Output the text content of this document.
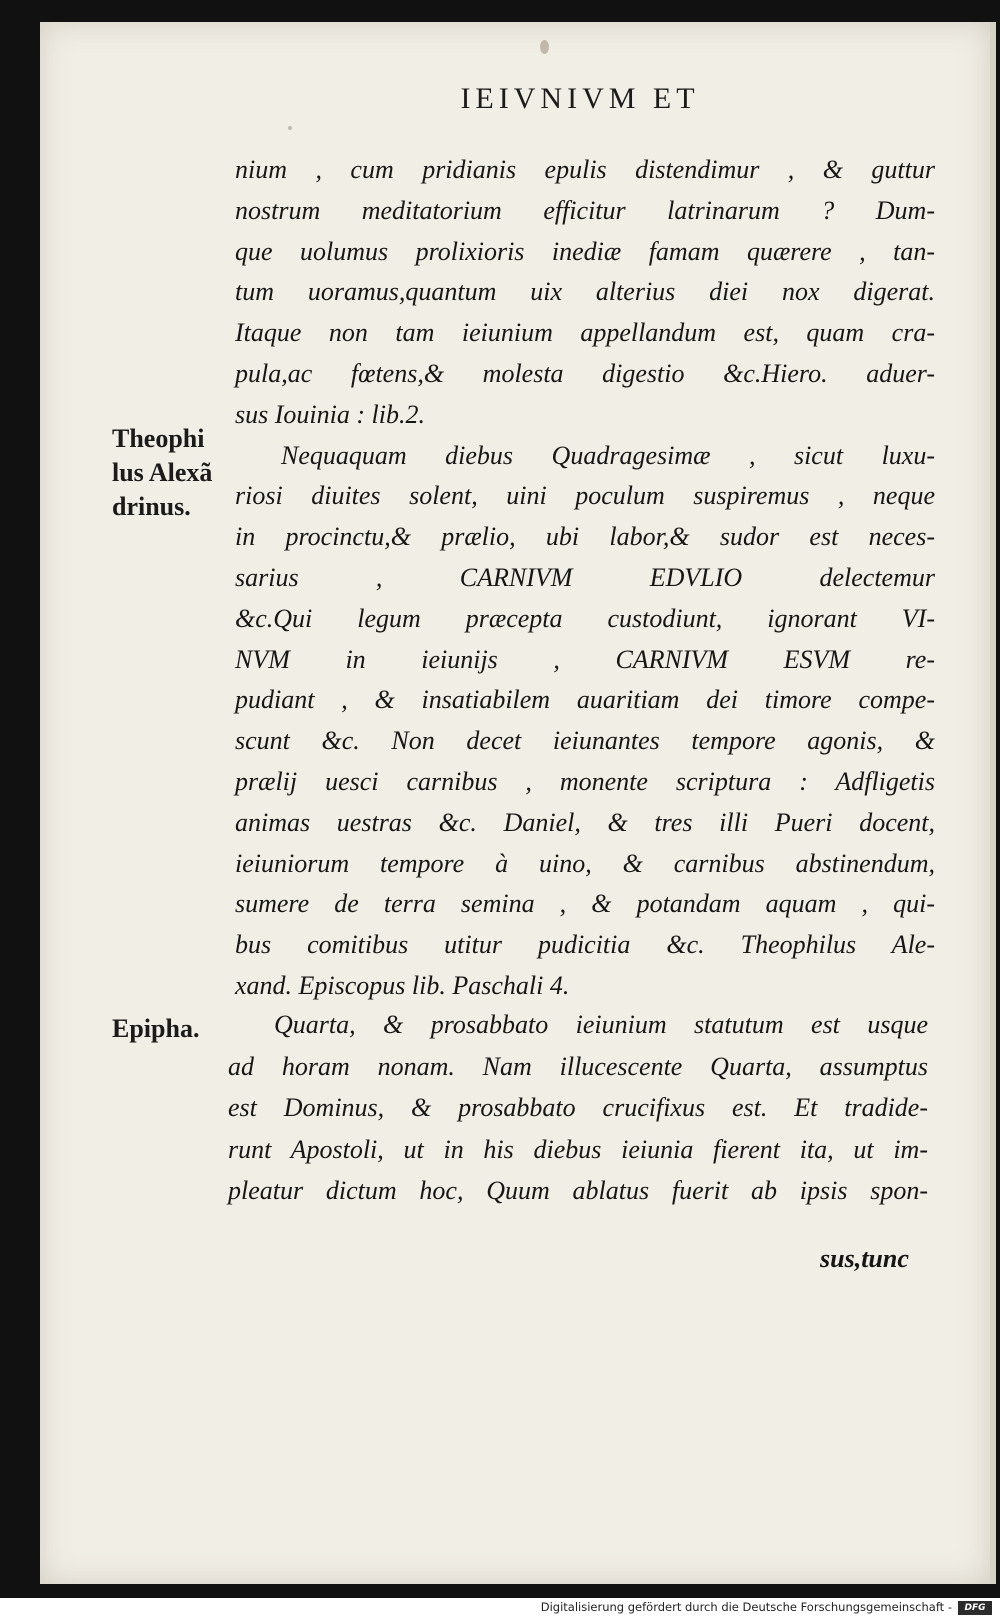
IEIVNIVM ET
Theophi
lus Alexã
drinus.
Epipha.
nium , cum pridianis epulis distendimur , & guttur
nostrum meditatorium efficitur latrinarum ? Dum-
que uolumus prolixioris inediæ famam quærere , tan-
tum uoramus,quantum uix alterius diei nox digerat.
Itaque non tam ieiunium appellandum est, quam cra-
pula,ac fœtens,& molesta digestio &c.Hiero. aduer-
sus Iouinia : lib.2.
Nequaquam diebus Quadragesimæ , sicut luxu-
riosi diuites solent, uini poculum suspiremus , neque
in procinctu,& prælio, ubi labor,& sudor est neces-
sarius , CARNIVM EDVLIO delectemur
&c.Qui legum præcepta custodiunt, ignorant VI-
NVM in ieiunijs , CARNIVM ESVM re-
pudiant , & insatiabilem auaritiam dei timore compe-
scunt &c. Non decet ieiunantes tempore agonis, &
prælij uesci carnibus , monente scriptura : Adfligetis
animas uestras &c. Daniel, & tres illi Pueri docent,
ieiuniorum tempore à uino, & carnibus abstinendum,
sumere de terra semina , & potandam aquam , qui-
bus comitibus utitur pudicitia &c. Theophilus Ale-
xand. Episcopus lib. Paschali 4.
Quarta, & prosabbato ieiunium statutum est usque
ad horam nonam. Nam illucescente Quarta, assumptus
est Dominus, & prosabbato crucifixus est. Et tradide-
runt Apostoli, ut in his diebus ieiunia fierent ita, ut im-
pleatur dictum hoc, Quum ablatus fuerit ab ipsis spon-
sus,tunc
Digitalisierung gefördert durch die Deutsche Forschungsgemeinschaft -	DFG
